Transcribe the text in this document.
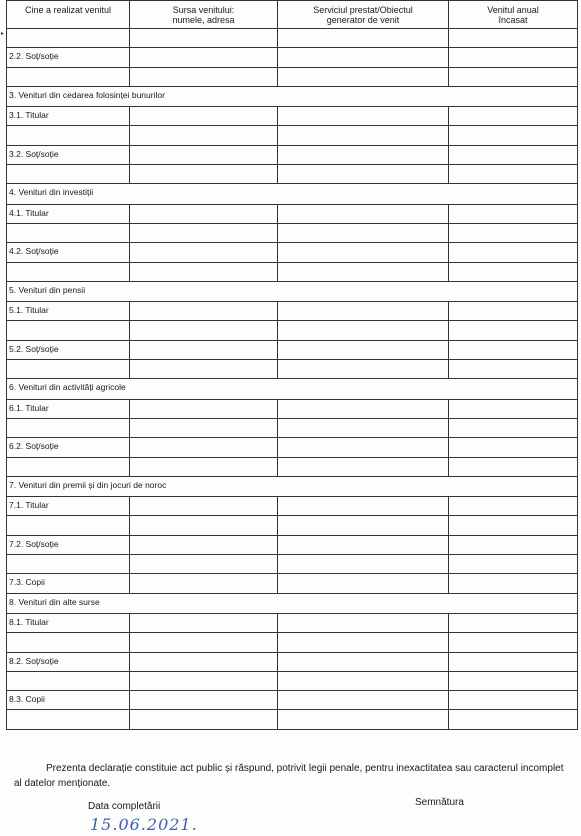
▸
Cine a realizat venitul	Sursa venitului:
numele, adresa
Serviciul prestat/Obiectul
generator de venit
Venitul anual
încasat
2.2. Soț/soție
3. Venituri din cedarea folosinței bunurilor
3.1. Titular
3.2. Soț/soție
4. Venituri din investiții
4.1. Titular
4.2. Soț/soție
5. Venituri din pensii
5.1. Titular
5.2. Soț/soție
6. Venituri din activități agricole
6.1. Titular
6.2. Soț/soție
7. Venituri din premii și din jocuri de noroc
7.1. Titular
7.2. Soț/soție
7.3. Copii
8. Venituri din alte surse
8.1. Titular
8.2. Soț/soție
8.3. Copii
Prezenta declarație constituie act public și răspund, potrivit legii penale, pentru inexactitatea sau caracterul incomplet al datelor menționate.
Data completării	Semnătura
15.06.2021.
